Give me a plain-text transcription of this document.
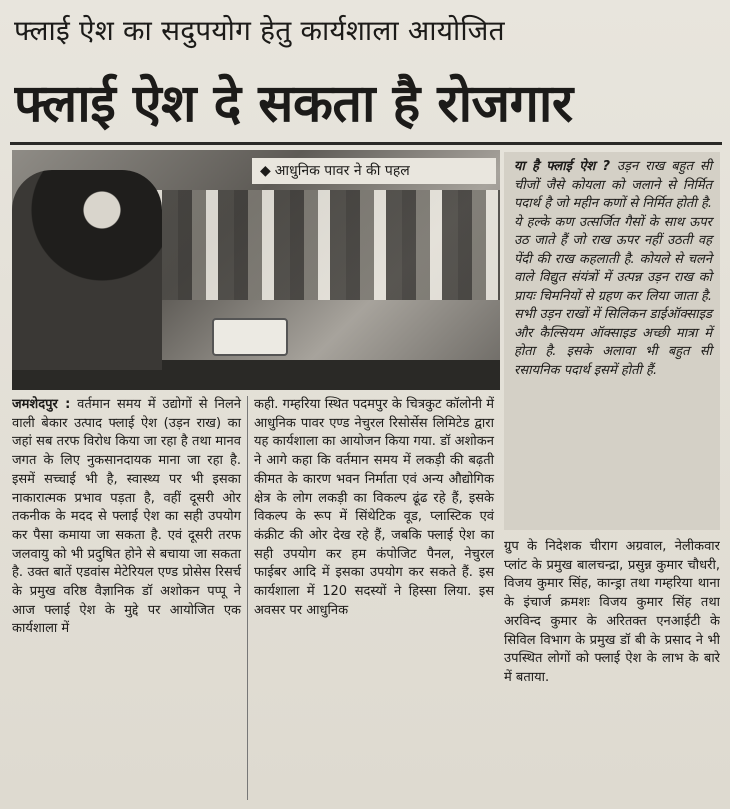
फ्लाई ऐश का सदुपयोग हेतु कार्यशाला आयोजित
फ्लाई ऐश दे सकता है रोजगार
◆ आधुनिक पावर ने की पहल	या है फ्लाई ऐश ? उड़न राख बहुत सी चीजों जैसे कोयला को जलाने से निर्मित पदार्थ है जो महीन कणों से निर्मित होती है. ये हल्के कण उत्सर्जित गैसों के साथ ऊपर उठ जाते हैं जो राख ऊपर नहीं उठती वह पेंदी की राख कहलाती है. कोयले से चलने वाले विद्युत संयंत्रों में उत्पन्न उड़न राख को प्रायः चिमनियों से ग्रहण कर लिया जाता है. सभी उड़न राखों में सिलिकन डाईऑक्साइड और कैल्सियम ऑक्साइड अच्छी मात्रा में होता है. इसके अलावा भी बहुत सी रसायनिक पदार्थ इसमें होती हैं.
जमशेदपुर : वर्तमान समय में उद्योगों से निलने वाली बेकार उत्पाद फ्लाई ऐश (उड़न राख) का जहां सब तरफ विरोध किया जा रहा है तथा मानव जगत के लिए नुकसानदायक माना जा रहा है. इसमें सच्चाई भी है, स्वास्थ्य पर भी इसका नाकारात्मक प्रभाव पड़ता है, वहीं दूसरी ओर तकनीक के मदद से फ्लाई ऐश का सही उपयोग कर पैसा कमाया जा सकता है. एवं दूसरी तरफ जलवायु को भी प्रदुषित होने से बचाया जा सकता है. उक्त बातें एडवांस मेटेरियल एण्ड प्रोसेस रिसर्च के प्रमुख वरिष्ठ वैज्ञानिक डॉ अशोकन पप्पू ने आज फ्लाई ऐश के मुद्दे पर आयोजित एक कार्यशाला में
कही. गम्हरिया स्थित पदमपुर के चित्रकुट कॉलोनी में आधुनिक पावर एण्ड नेचुरल रिसोर्सेस लिमिटेड द्वारा यह कार्यशाला का आयोजन किया गया. डॉ अशोकन ने आगे कहा कि वर्तमान समय में लकड़ी की बढ़ती कीमत के कारण भवन निर्माता एवं अन्य औद्योगिक क्षेत्र के लोग लकड़ी का विकल्प ढूंढ रहे हैं, इसके विकल्प के रूप में सिंथेटिक वूड, प्लास्टिक एवं कंक्रीट की ओर देख रहे हैं, जबकि फ्लाई ऐश का सही उपयोग कर हम कंपोजिट पैनल, नेचुरल फाईबर आदि में इसका उपयोग कर सकते हैं. इस कार्यशाला में 120 सदस्यों ने हिस्सा लिया. इस अवसर पर आधुनिक
ग्रुप के निदेशक चीराग अग्रवाल, नेलीकवार प्लांट के प्रमुख बालचन्द्रा, प्रसुन्न कुमार चौधरी, विजय कुमार सिंह, कान्ड्रा तथा गम्हरिया थाना के इंचार्ज क्रमशः विजय कुमार सिंह तथा अरविन्द कुमार के अरितक्त एनआईटी के सिविल विभाग के प्रमुख डॉ बी के प्रसाद ने भी उपस्थित लोगों को फ्लाई ऐश के लाभ के बारे में बताया.
